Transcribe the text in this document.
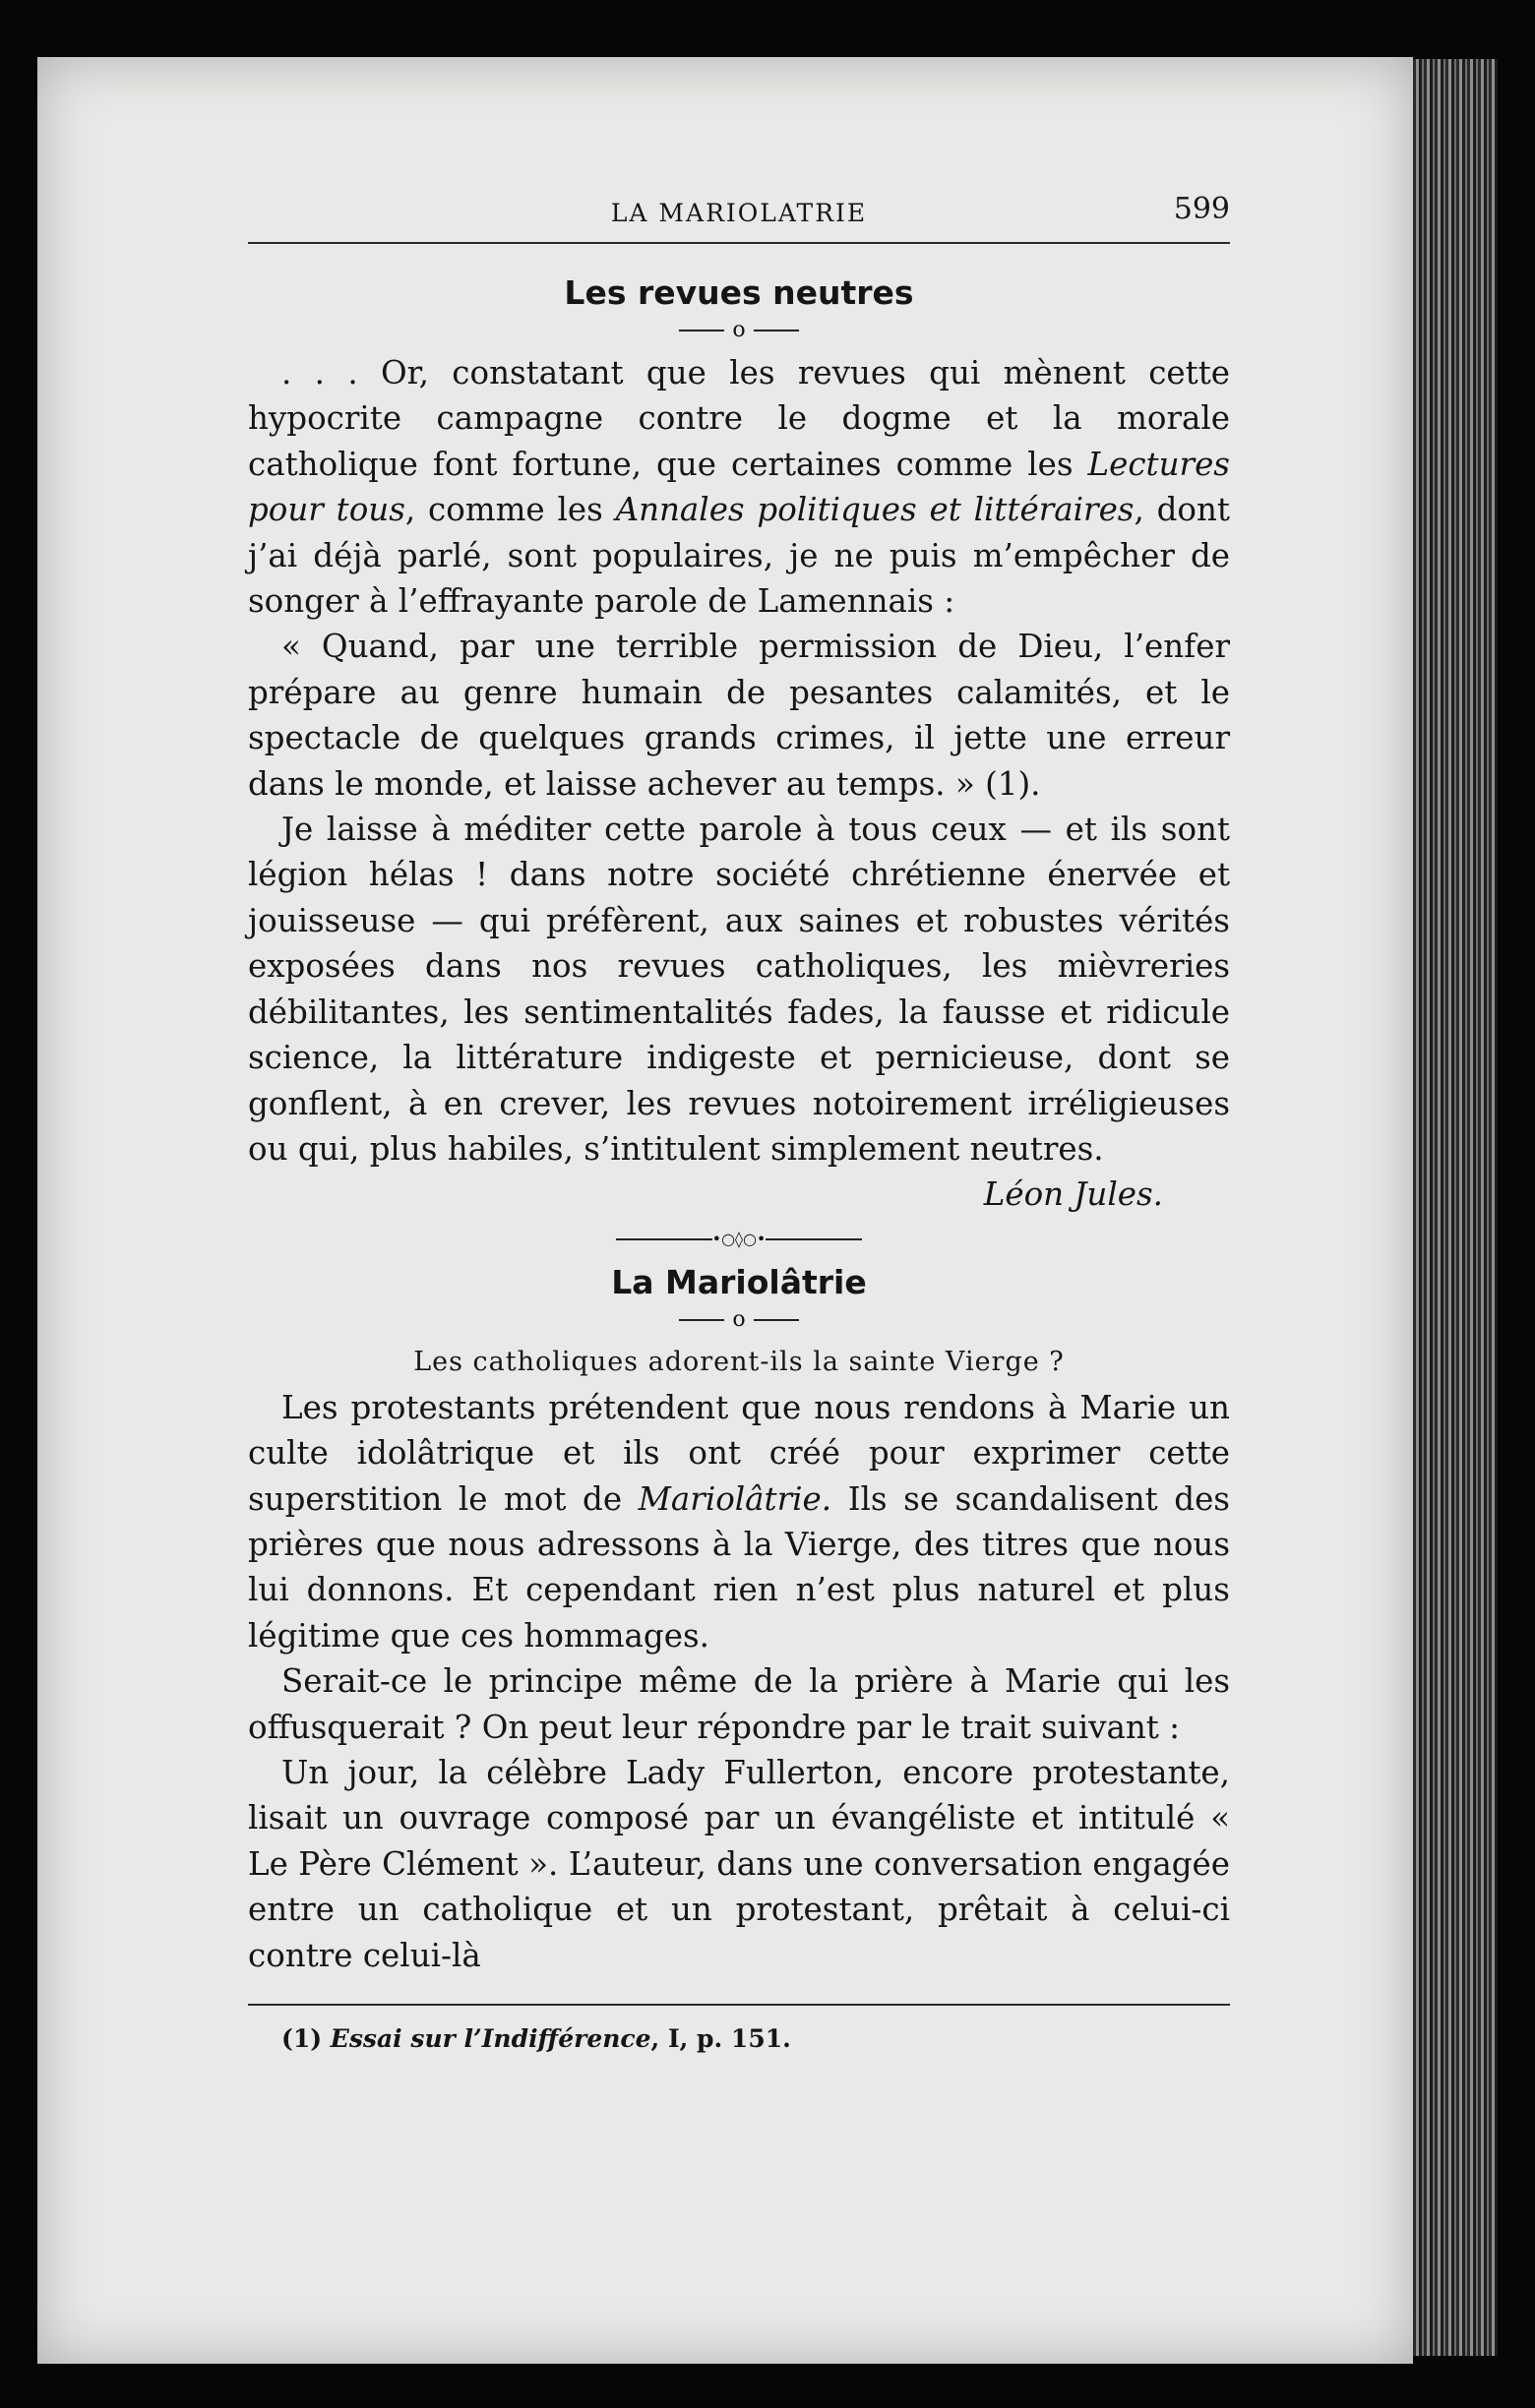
LA MARIOLATRIE	599
Les revues neutres
o

. . . Or, constatant que les revues qui mènent cette hypocrite campagne contre le dogme et la morale catholique font fortune, que certaines comme les Lectures pour tous, comme les Annales politiques et littéraires, dont j’ai déjà parlé, sont populaires, je ne puis m’empêcher de songer à l’effrayante parole de Lamennais :

« Quand, par une terrible permission de Dieu, l’enfer prépare au genre humain de pesantes calamités, et le spectacle de quelques grands crimes, il jette une erreur dans le monde, et laisse achever au temps. » (1).

Je laisse à méditer cette parole à tous ceux — et ils sont légion hélas ! dans notre société chrétienne énervée et jouisseuse — qui préfèrent, aux saines et robustes vérités exposées dans nos revues catholiques, les mièvreries débilitantes, les sentimentalités fades, la fausse et ridicule science, la littérature indigeste et pernicieuse, dont se gonflent, à en crever, les revues notoirement irréligieuses ou qui, plus habiles, s’intitulent simplement neutres.

Léon Jules.
•○◊○•
La Mariolâtrie
o
Les catholiques adorent-ils la sainte Vierge ?

Les protestants prétendent que nous rendons à Marie un culte idolâtrique et ils ont créé pour exprimer cette superstition le mot de Mariolâtrie. Ils se scandalisent des prières que nous adressons à la Vierge, des titres que nous lui donnons. Et cependant rien n’est plus naturel et plus légitime que ces hommages.

Serait-ce le principe même de la prière à Marie qui les offusquerait ? On peut leur répondre par le trait suivant :

Un jour, la célèbre Lady Fullerton, encore protestante, lisait un ouvrage composé par un évangéliste et intitulé « Le Père Clément ». L’auteur, dans une conversation engagée entre un catholique et un protestant, prêtait à celui-ci contre celui-là

(1) Essai sur l’Indifférence, I, p. 151.
